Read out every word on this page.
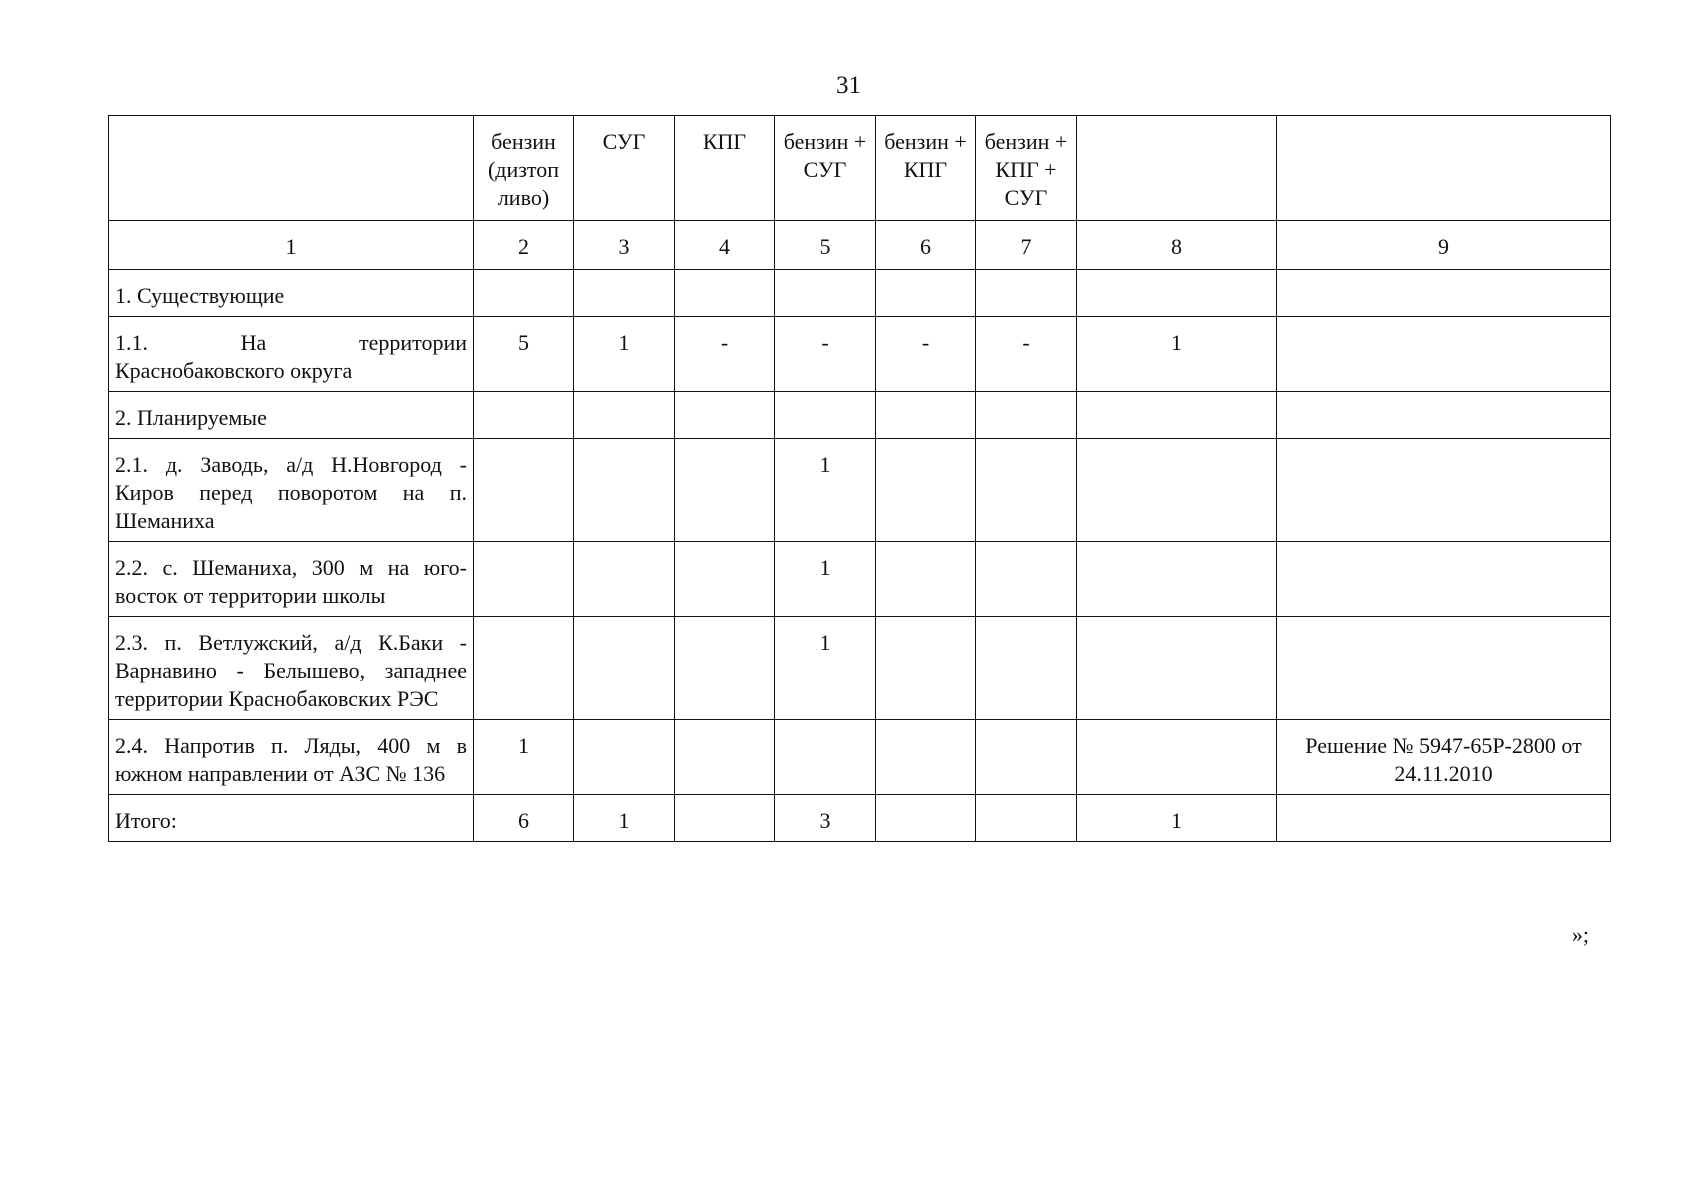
31
	бензин (дизтоп ливо)	СУГ	КПГ	бензин + СУГ	бензин + КПГ	бензин + КПГ + СУГ		
1	2	3	4	5	6	7	8	9
1. Существующие								
1.1. На территории Краснобаковского округа	5	1	-	-	-	-	1	
2. Планируемые								
2.1. д. Заводь, а/д Н.Новгород - Киров перед поворотом на п. Шеманиха				1				
2.2. с. Шеманиха, 300 м на юго-восток от территории школы				1				
2.3. п. Ветлужский, а/д К.Баки - Варнавино - Белышево, западнее территории Краснобаковских РЭС				1				
2.4. Напротив п. Ляды, 400 м в южном направлении от АЗС № 136	1							Решение № 5947-65Р-2800 от 24.11.2010
Итого:	6	1		3			1	
»;
